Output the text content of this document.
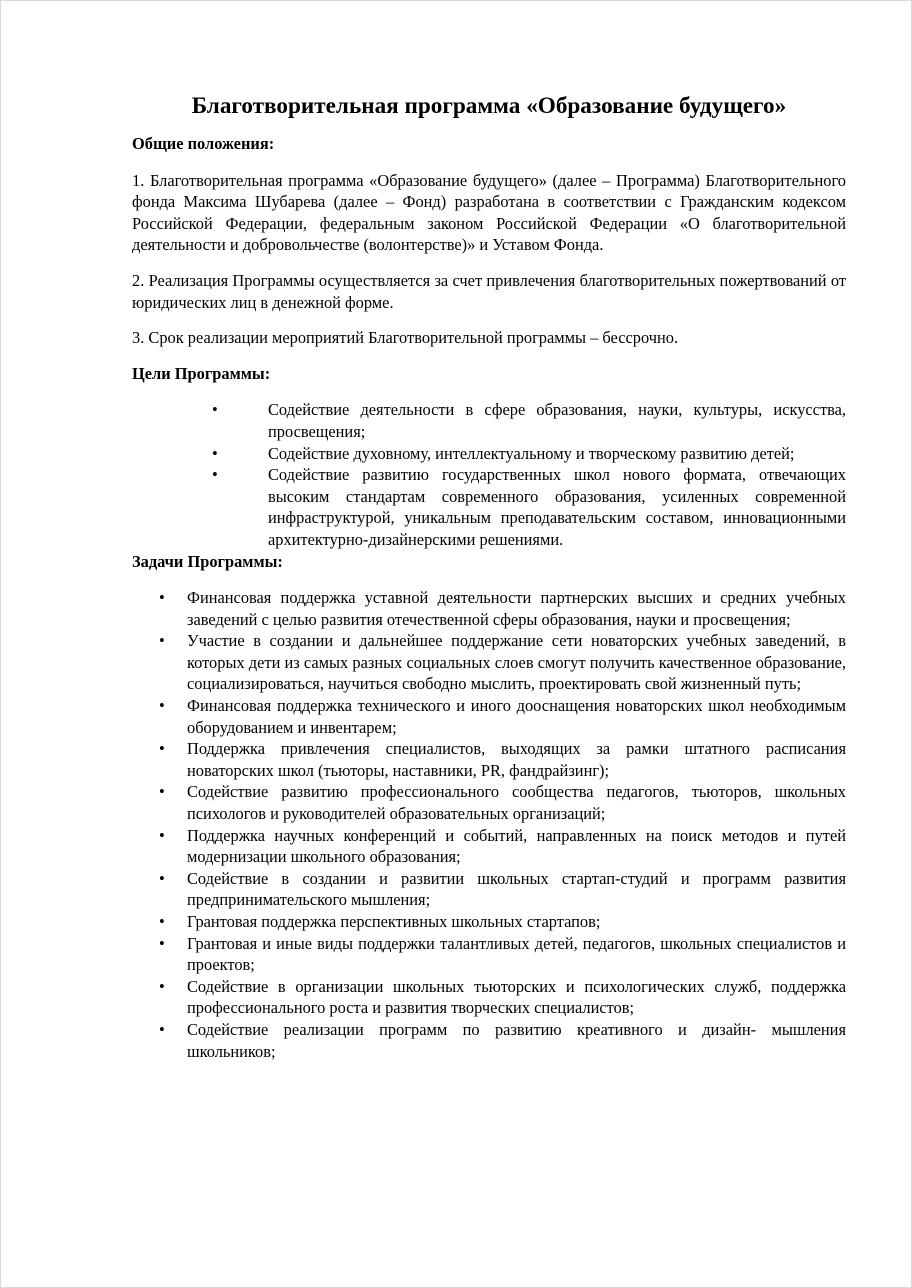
Благотворительная программа «Образование будущего»
Общие положения:

1. Благотворительная программа «Образование будущего» (далее – Программа) Благотворительного фонда Максима Шубарева (далее – Фонд) разработана в соответствии с Гражданским кодексом Российской Федерации, федеральным законом Российской Федерации «О благотворительной деятельности и добровольчестве (волонтерстве)» и Уставом Фонда.

2. Реализация Программы осуществляется за счет привлечения благотворительных пожертвований от юридических лиц в денежной форме.

3. Срок реализации мероприятий Благотворительной программы – бессрочно.

Цели Программы:
•	Содействие деятельности в сфере образования, науки, культуры, искусства, просвещения;
•	Содействие духовному, интеллектуальному и творческому развитию детей;
•	Содействие развитию государственных школ нового формата, отвечающих высоким стандартам современного образования, усиленных современной инфраструктурой, уникальным преподавательским составом, инновационными архитектурно-дизайнерскими решениями.
Задачи Программы:
• Финансовая поддержка уставной деятельности партнерских высших и средних учебных заведений с целью развития отечественной сферы образования, науки и просвещения;
• Участие в создании и дальнейшее поддержание сети новаторских учебных заведений, в которых дети из самых разных социальных слоев смогут получить качественное образование, социализироваться, научиться свободно мыслить, проектировать свой жизненный путь;
• Финансовая поддержка технического и иного дооснащения новаторских школ необходимым оборудованием и инвентарем;
• Поддержка привлечения специалистов, выходящих за рамки штатного расписания новаторских школ (тьюторы, наставники, PR, фандрайзинг);
• Содействие развитию профессионального сообщества педагогов, тьюторов, школьных психологов и руководителей образовательных организаций;
• Поддержка научных конференций и событий, направленных на поиск методов и путей модернизации школьного образования;
• Содействие в создании и развитии школьных стартап-студий и программ развития предпринимательского мышления;
• Грантовая поддержка перспективных школьных стартапов;
• Грантовая и иные виды поддержки талантливых детей, педагогов, школьных специалистов и проектов;
• Содействие в организации школьных тьюторских и психологических служб, поддержка профессионального роста и развития творческих специалистов;
• Содействие реализации программ по развитию креативного и дизайн- мышления школьников;
